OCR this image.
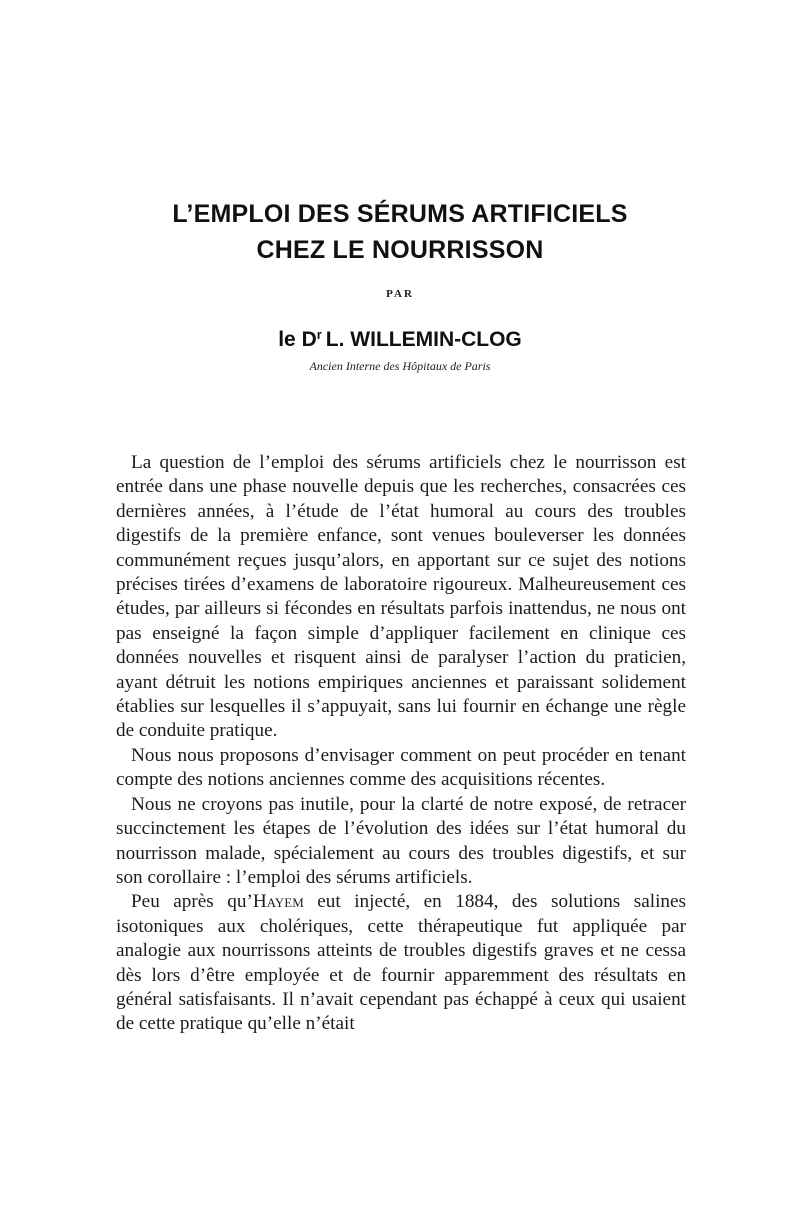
L’EMPLOI DES SÉRUMS ARTIFICIELS
CHEZ LE NOURRISSON
PAR
le $D^r$ L. WILLEMIN-CLOG
Ancien Interne des Hôpitaux de Paris

La question de l’emploi des sérums artificiels chez le nourrisson est entrée dans une phase nouvelle depuis que les recherches, consacrées ces dernières années, à l’étude de l’état humoral au cours des troubles digestifs de la première enfance, sont venues bouleverser les données communément reçues jusqu’alors, en apportant sur ce sujet des notions précises tirées d’examens de laboratoire rigoureux. Malheureusement ces études, par ailleurs si fécondes en résultats parfois inattendus, ne nous ont pas enseigné la façon simple d’appliquer facilement en clinique ces données nouvelles et risquent ainsi de paralyser l’action du praticien, ayant détruit les notions empiriques anciennes et paraissant solidement établies sur lesquelles il s’appuyait, sans lui fournir en échange une règle de conduite pratique.

Nous nous proposons d’envisager comment on peut procéder en tenant compte des notions anciennes comme des acquisitions récentes.

Nous ne croyons pas inutile, pour la clarté de notre exposé, de retracer succinctement les étapes de l’évolution des idées sur l’état humoral du nourrisson malade, spécialement au cours des troubles digestifs, et sur son corollaire : l’emploi des sérums artificiels.

Peu après qu’Hayem eut injecté, en 1884, des solutions salines isotoniques aux cholériques, cette thérapeutique fut appliquée par analogie aux nourrissons atteints de troubles digestifs graves et ne cessa dès lors d’être employée et de fournir apparemment des résultats en général satisfaisants. Il n’avait cependant pas échappé à ceux qui usaient de cette pratique qu’elle n’était
